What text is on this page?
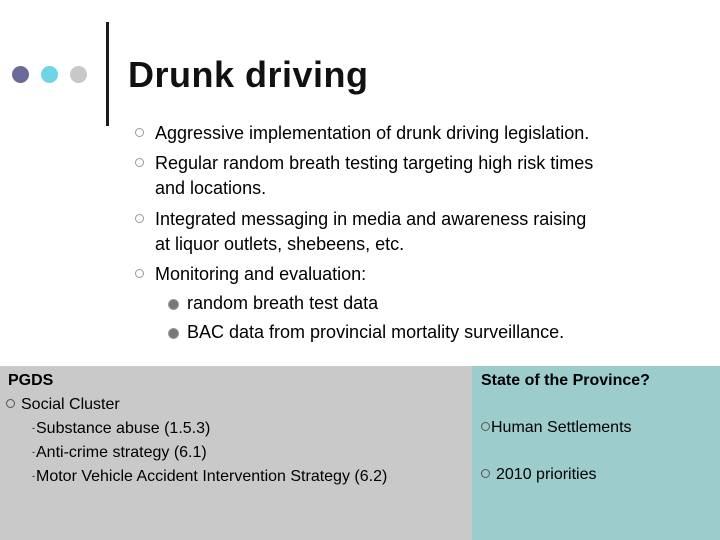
Drunk driving
Aggressive implementation of drunk driving legislation.
Regular random breath testing targeting high risk times
and locations.
Integrated messaging in media and awareness raising
at liquor outlets, shebeens, etc.
Monitoring and evaluation:
random breath test data
BAC data from provincial mortality surveillance.
PGDS
Social Cluster
-Substance abuse (1.5.3)
-Anti-crime strategy (6.1)
-Motor Vehicle Accident Intervention Strategy (6.2)
State of the Province?
Human Settlements
2010 priorities
